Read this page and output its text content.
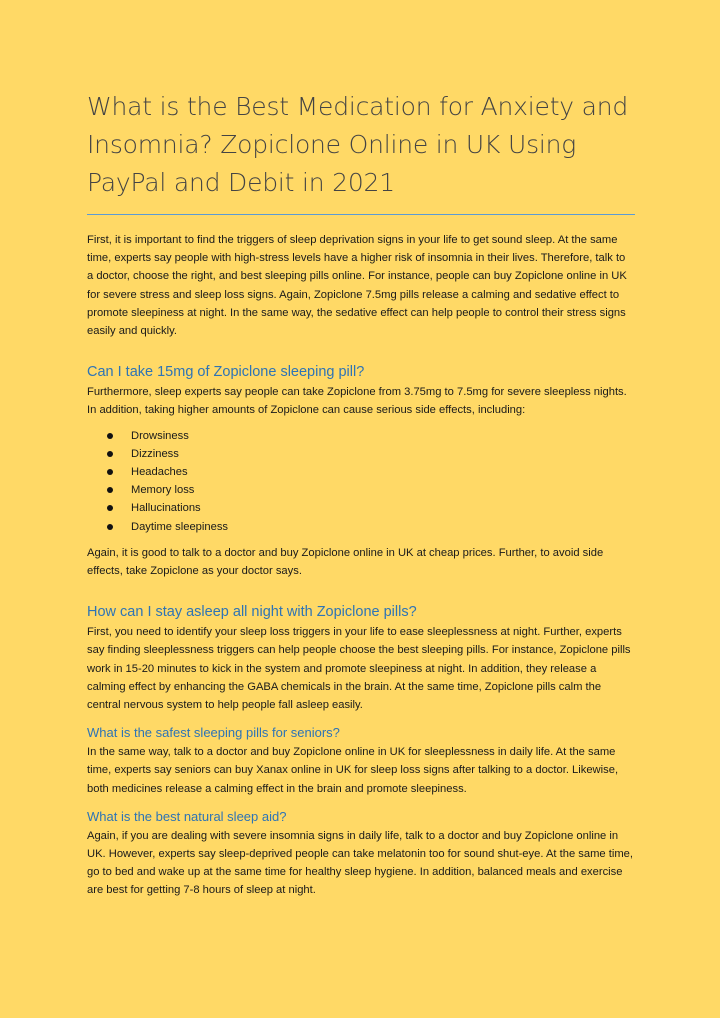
What is the Best Medication for Anxiety and Insomnia? Zopiclone Online in UK Using PayPal and Debit in 2021

First, it is important to find the triggers of sleep deprivation signs in your life to get sound sleep. At the same time, experts say people with high-stress levels have a higher risk of insomnia in their lives. Therefore, talk to a doctor, choose the right, and best sleeping pills online. For instance, people can buy Zopiclone online in UK for severe stress and sleep loss signs. Again, Zopiclone 7.5mg pills release a calming and sedative effect to promote sleepiness at night. In the same way, the sedative effect can help people to control their stress signs easily and quickly.

Can I take 15mg of Zopiclone sleeping pill?

Furthermore, sleep experts say people can take Zopiclone from 3.75mg to 7.5mg for severe sleepless nights. In addition, taking higher amounts of Zopiclone can cause serious side effects, including:

Drowsiness
Dizziness
Headaches
Memory loss
Hallucinations
Daytime sleepiness

Again, it is good to talk to a doctor and buy Zopiclone online in UK at cheap prices. Further, to avoid side effects, take Zopiclone as your doctor says.

How can I stay asleep all night with Zopiclone pills?

First, you need to identify your sleep loss triggers in your life to ease sleeplessness at night. Further, experts say finding sleeplessness triggers can help people choose the best sleeping pills. For instance, Zopiclone pills work in 15-20 minutes to kick in the system and promote sleepiness at night. In addition, they release a calming effect by enhancing the GABA chemicals in the brain. At the same time, Zopiclone pills calm the central nervous system to help people fall asleep easily.

What is the safest sleeping pills for seniors?

In the same way, talk to a doctor and buy Zopiclone online in UK for sleeplessness in daily life. At the same time, experts say seniors can buy Xanax online in UK for sleep loss signs after talking to a doctor. Likewise, both medicines release a calming effect in the brain and promote sleepiness.

What is the best natural sleep aid?

Again, if you are dealing with severe insomnia signs in daily life, talk to a doctor and buy Zopiclone online in UK. However, experts say sleep-deprived people can take melatonin too for sound shut-eye. At the same time, go to bed and wake up at the same time for healthy sleep hygiene. In addition, balanced meals and exercise are best for getting 7-8 hours of sleep at night.
